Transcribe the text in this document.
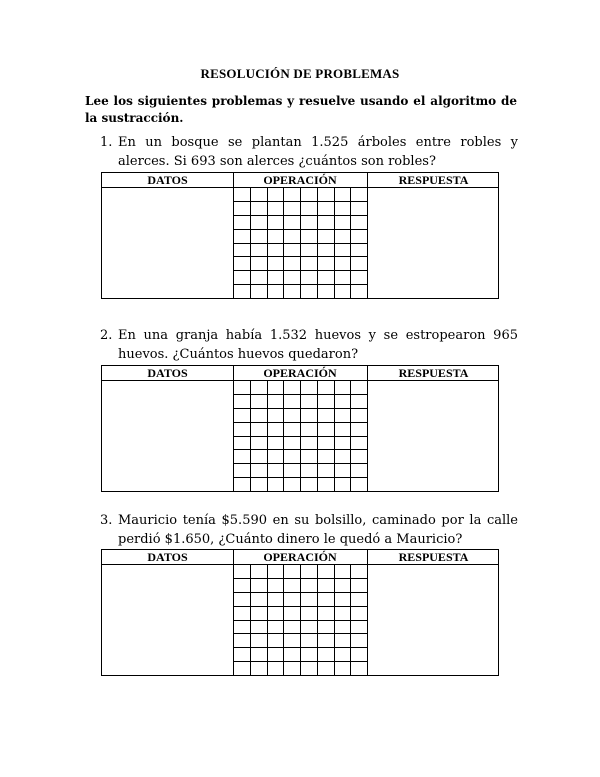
RESOLUCIÓN DE PROBLEMAS
Lee los siguientes problemas y resuelve usando el algoritmo de la sustracción.
1. En un bosque se plantan 1.525 árboles entre robles y alerces. Si 693 son alerces ¿cuántos son robles?
DATOS	OPERACIÓN	RESPUESTA
2. En una granja había 1.532 huevos y se estropearon 965 huevos. ¿Cuántos huevos quedaron?
DATOS	OPERACIÓN	RESPUESTA
3. Mauricio tenía $5.590 en su bolsillo, caminado por la calle perdió $1.650, ¿Cuánto dinero le quedó a Mauricio?
DATOS	OPERACIÓN	RESPUESTA
